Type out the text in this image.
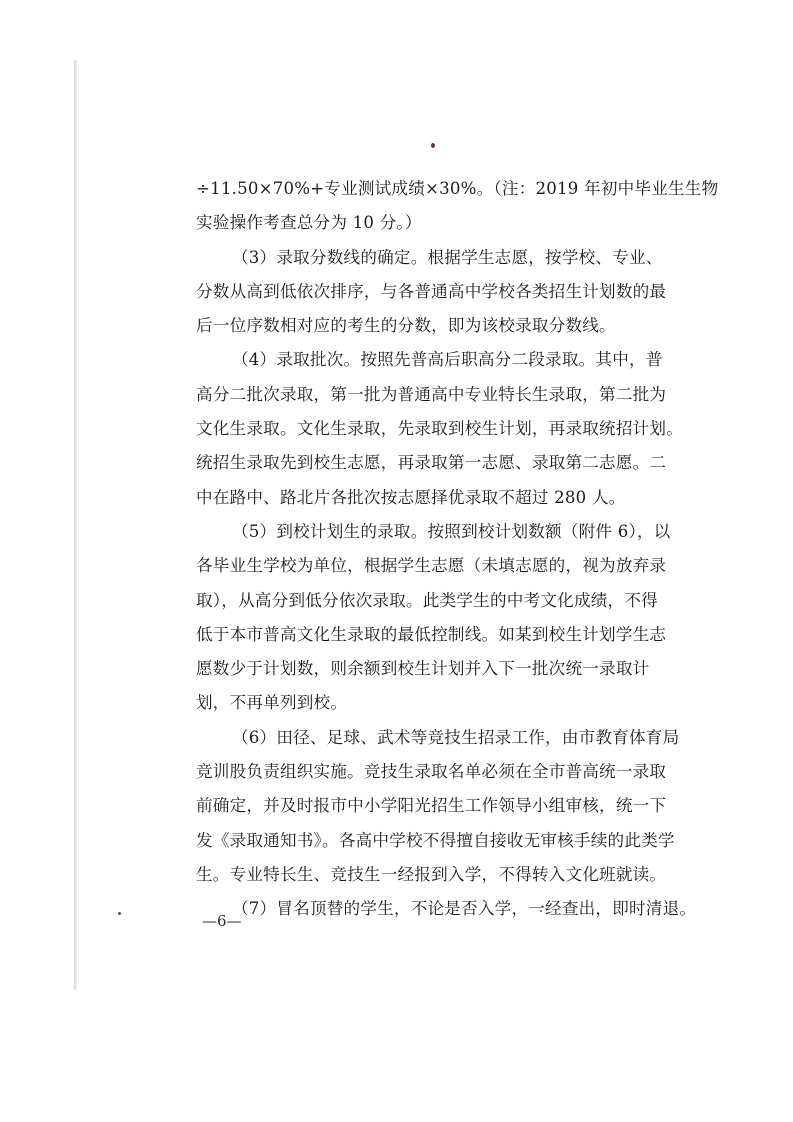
÷11.50×70%+专业测试成绩×30%。（注：2019 年初中毕业生生物
实验操作考查总分为 10 分。）
（3）录取分数线的确定。根据学生志愿，按学校、专业、
分数从高到低依次排序，与各普通高中学校各类招生计划数的最
后一位序数相对应的考生的分数，即为该校录取分数线。
（4）录取批次。按照先普高后职高分二段录取。其中，普
高分二批次录取，第一批为普通高中专业特长生录取，第二批为
文化生录取。文化生录取，先录取到校生计划，再录取统招计划。
统招生录取先到校生志愿，再录取第一志愿、录取第二志愿。二
中在路中、路北片各批次按志愿择优录取不超过 280 人。
（5）到校计划生的录取。按照到校计划数额（附件 6），以
各毕业生学校为单位，根据学生志愿（未填志愿的，视为放弃录
取），从高分到低分依次录取。此类学生的中考文化成绩，不得
低于本市普高文化生录取的最低控制线。如某到校生计划学生志
愿数少于计划数，则余额到校生计划并入下一批次统一录取计
划，不再单列到校。
（6）田径、足球、武术等竞技生招录工作，由市教育体育局
竞训股负责组织实施。竞技生录取名单必须在全市普高统一录取
前确定，并及时报市中小学阳光招生工作领导小组审核，统一下
发《录取通知书》。各高中学校不得擅自接收无审核手续的此类学
生。专业特长生、竞技生一经报到入学，不得转入文化班就读。
（7）冒名顶替的学生，不论是否入学，一经查出，即时清退。
—6—
